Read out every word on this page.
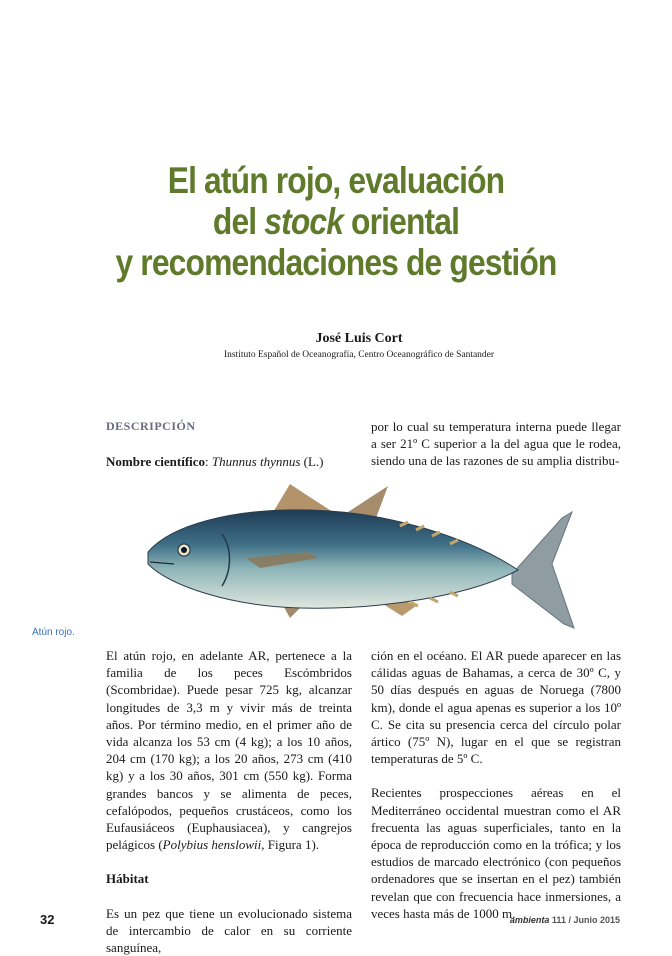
El atún rojo, evaluación
del stock oriental
y recomendaciones de gestión
José Luis Cort
Instituto Español de Oceanografía, Centro Oceanográfico de Santander

DESCRIPCIÓN

Nombre científico: Thunnus thynnus (L.)

por lo cual su temperatura interna puede llegar a ser 21º C superior a la del agua que le rodea, siendo una de las razones de su amplia distribu-

Atún rojo.

El atún rojo, en adelante AR, pertenece a la familia de los peces Escómbridos (Scombridae). Puede pesar 725 kg, alcanzar longitudes de 3,3 m y vivir más de treinta años. Por término medio, en el primer año de vida alcanza los 53 cm (4 kg); a los 10 años, 204 cm (170 kg); a los 20 años, 273 cm (410 kg) y a los 30 años, 301 cm (550 kg). Forma grandes bancos y se alimenta de peces, cefalópodos, pequeños crustáceos, como los Eufausiáceos (Euphausiacea), y cangrejos pelágicos (Polybius henslowii, Figura 1).

Hábitat

Es un pez que tiene un evolucionado sistema de intercambio de calor en su corriente sanguínea,

ción en el océano. El AR puede aparecer en las cálidas aguas de Bahamas, a cerca de 30º C, y 50 días después en aguas de Noruega (7800 km), donde el agua apenas es superior a los 10º C. Se cita su presencia cerca del círculo polar ártico (75º N), lugar en el que se registran temperaturas de 5º C.

Recientes prospecciones aéreas en el Mediterráneo occidental muestran como el AR frecuenta las aguas superficiales, tanto en la época de reproducción como en la trófica; y los estudios de marcado electrónico (con pequeños ordenadores que se insertan en el pez) también revelan que con frecuencia hace inmersiones, a veces hasta más de 1000 m.

32	ambienta 111 / Junio 2015
